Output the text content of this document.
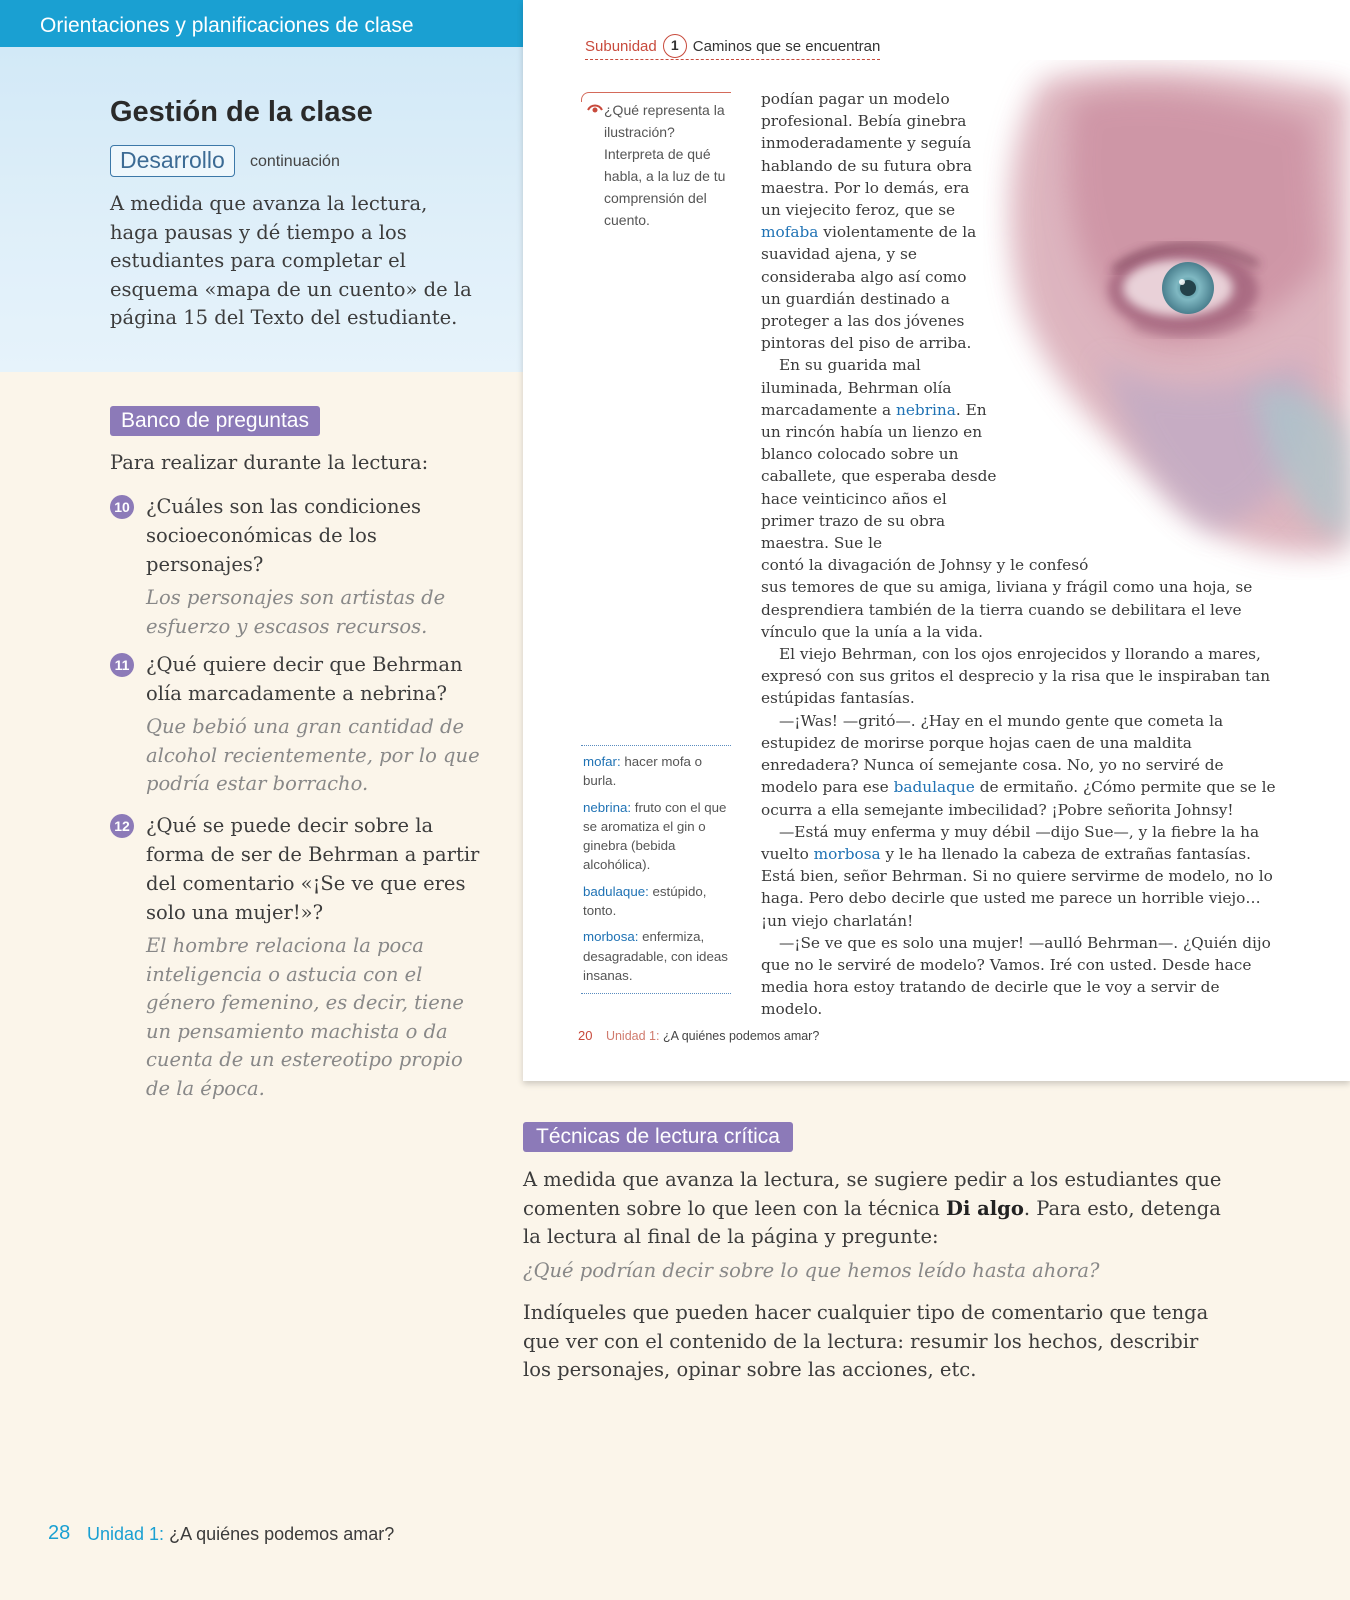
Orientaciones y planificaciones de clase
Gestión de la clase
Desarrollo	continuación
A medida que avanza la lectura, haga pausas y dé tiempo a los estudiantes para completar el esquema «mapa de un cuento» de la página 15 del Texto del estudiante.
Banco de preguntas
Para realizar durante la lectura:
10 ¿Cuáles son las condiciones socioeconómicas de los personajes?
Los personajes son artistas de esfuerzo y escasos recursos.
11 ¿Qué quiere decir que Behrman olía marcadamente a nebrina?
Que bebió una gran cantidad de alcohol recientemente, por lo que podría estar borracho.
12 ¿Qué se puede decir sobre la forma de ser de Behrman a partir del comentario «¡Se ve que eres solo una mujer!»?
El hombre relaciona la poca inteligencia o astucia con el género femenino, es decir, tiene un pensamiento machista o da cuenta de un estereotipo propio de la época.
28 Unidad 1: ¿A quiénes podemos amar?
Subunidad	1 Caminos que se encuentran
¿Qué representa la ilustración? Interpreta de qué habla, a la luz de tu comprensión del cuento.

podían pagar un modelo profesional. Bebía ginebra inmoderadamente y seguía hablando de su futura obra maestra. Por lo demás, era un viejecito feroz, que se mofaba violentamente de la suavidad ajena, y se consideraba algo así como un guardián destinado a proteger a las dos jóvenes pintoras del piso de arriba.

En su guarida mal iluminada, Behrman olía marcadamente a nebrina. En un rincón había un lienzo en blanco colocado sobre un caballete, que esperaba desde hace veinticinco años el primer trazo de su obra maestra. Sue le

contó la divagación de Johnsy y le confesó

sus temores de que su amiga, liviana y frágil como una hoja, se desprendiera también de la tierra cuando se debilitara el leve vínculo que la unía a la vida.

El viejo Behrman, con los ojos enrojecidos y llorando a mares, expresó con sus gritos el desprecio y la risa que le inspiraban tan estúpidas fantasías.

—¡Was! —gritó—. ¿Hay en el mundo gente que cometa la estupidez de morirse porque hojas caen de una maldita enredadera? Nunca oí semejante cosa. No, yo no serviré de modelo para ese badulaque de ermitaño. ¿Cómo permite que se le ocurra a ella semejante imbecilidad? ¡Pobre señorita Johnsy!

—Está muy enferma y muy débil —dijo Sue—, y la fiebre la ha vuelto morbosa y le ha llenado la cabeza de extrañas fantasías. Está bien, señor Behrman. Si no quiere servirme de modelo, no lo haga. Pero debo decirle que usted me parece un horrible viejo… ¡un viejo charlatán!

—¡Se ve que es solo una mujer! —aulló Behrman—. ¿Quién dijo que no le serviré de modelo? Vamos. Iré con usted. Desde hace media hora estoy tratando de decirle que le voy a servir de modelo.

mofar: hacer mofa o burla.
nebrina: fruto con el que se aromatiza el gin o ginebra (bebida alcohólica).
badulaque: estúpido, tonto.
morbosa: enfermiza, desagradable, con ideas insanas.
20 Unidad 1: ¿A quiénes podemos amar?
Técnicas de lectura crítica
A medida que avanza la lectura, se sugiere pedir a los estudiantes que comenten sobre lo que leen con la técnica Di algo. Para esto, detenga la lectura al final de la página y pregunte:
¿Qué podrían decir sobre lo que hemos leído hasta ahora?
Indíqueles que pueden hacer cualquier tipo de comentario que tenga que ver con el contenido de la lectura: resumir los hechos, describir los personajes, opinar sobre las acciones, etc.
